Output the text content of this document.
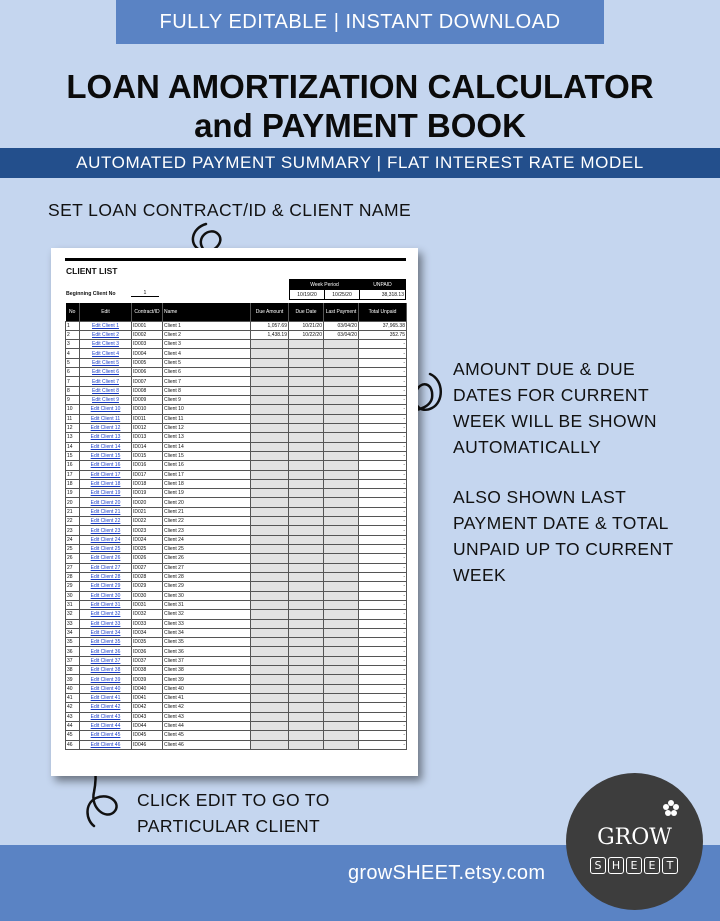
FULLY EDITABLE | INSTANT DOWNLOAD
LOAN AMORTIZATION CALCULATOR
and PAYMENT BOOK
AUTOMATED PAYMENT SUMMARY | FLAT INTEREST RATE MODEL
SET LOAN CONTRACT/ID & CLIENT NAME
AMOUNT DUE & DUE
DATES FOR CURRENT
WEEK WILL BE SHOWN
AUTOMATICALLY
ALSO SHOWN LAST
PAYMENT DATE & TOTAL
UNPAID UP TO CURRENT
WEEK
CLICK EDIT TO GO TO
PARTICULAR CLIENT
CLIENT LIST
Beginning Client No	1
Week Period		UNPAID
10/19/20	10/25/20	38,318.13
No	Edit	Contract/ID	Name	Due Amount	Due Date	Last Payment	Total Unpaid
1	Edit Client 1	ID001	Client 1	1,057.69	10/21/20	03/04/20	37,965.38
2	Edit Client 2	ID002	Client 2	1,438.19	10/22/20	03/04/20	352.75
3	Edit Client 3	ID003	Client 3				-
4	Edit Client 4	ID004	Client 4				-
5	Edit Client 5	ID005	Client 5				-
6	Edit Client 6	ID006	Client 6				-
7	Edit Client 7	ID007	Client 7				-
8	Edit Client 8	ID008	Client 8				-
9	Edit Client 9	ID009	Client 9				-
10	Edit Client 10	ID010	Client 10				-
11	Edit Client 11	ID011	Client 11				-
12	Edit Client 12	ID012	Client 12				-
13	Edit Client 13	ID013	Client 13				-
14	Edit Client 14	ID014	Client 14				-
15	Edit Client 15	ID015	Client 15				-
16	Edit Client 16	ID016	Client 16				-
17	Edit Client 17	ID017	Client 17				-
18	Edit Client 18	ID018	Client 18				-
19	Edit Client 19	ID019	Client 19				-
20	Edit Client 20	ID020	Client 20				-
21	Edit Client 21	ID021	Client 21				-
22	Edit Client 22	ID022	Client 22				-
23	Edit Client 23	ID023	Client 23				-
24	Edit Client 24	ID024	Client 24				-
25	Edit Client 25	ID025	Client 25				-
26	Edit Client 26	ID026	Client 26				-
27	Edit Client 27	ID027	Client 27				-
28	Edit Client 28	ID028	Client 28				-
29	Edit Client 29	ID029	Client 29				-
30	Edit Client 30	ID030	Client 30				-
31	Edit Client 31	ID031	Client 31				-
32	Edit Client 32	ID032	Client 32				-
33	Edit Client 33	ID033	Client 33				-
34	Edit Client 34	ID034	Client 34				-
35	Edit Client 35	ID035	Client 35				-
36	Edit Client 36	ID036	Client 36				-
37	Edit Client 37	ID037	Client 37				-
38	Edit Client 38	ID038	Client 38				-
39	Edit Client 39	ID039	Client 39				-
40	Edit Client 40	ID040	Client 40				-
41	Edit Client 41	ID041	Client 41				-
42	Edit Client 42	ID042	Client 42				-
43	Edit Client 43	ID043	Client 43				-
44	Edit Client 44	ID044	Client 44				-
45	Edit Client 45	ID045	Client 45				-
46	Edit Client 46	ID046	Client 46				-
growSHEET.etsy.com
GROW
S H E	E	T
